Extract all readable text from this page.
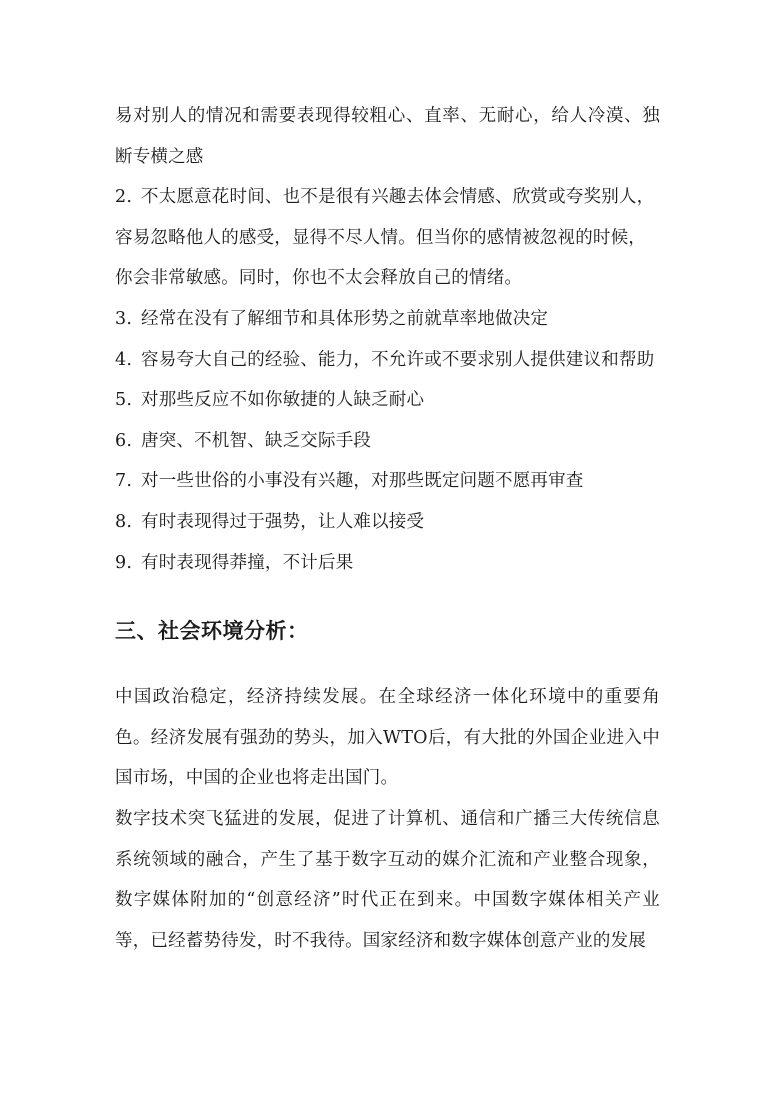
易对别人的情况和需要表现得较粗心、直率、无耐心，给人冷漠、独断专横之感

2. 不太愿意花时间、也不是很有兴趣去体会情感、欣赏或夸奖别人，容易忽略他人的感受，显得不尽人情。但当你的感情被忽视的时候，你会非常敏感。同时，你也不太会释放自己的情绪。

3. 经常在没有了解细节和具体形势之前就草率地做决定

4. 容易夸大自己的经验、能力，不允许或不要求别人提供建议和帮助

5. 对那些反应不如你敏捷的人缺乏耐心

6. 唐突、不机智、缺乏交际手段

7. 对一些世俗的小事没有兴趣，对那些既定问题不愿再审查

8. 有时表现得过于强势，让人难以接受

9. 有时表现得莽撞，不计后果

三、社会环境分析：

中国政治稳定，经济持续发展。在全球经济一体化环境中的重要角色。经济发展有强劲的势头，加入WTO后，有大批的外国企业进入中国市场，中国的企业也将走出国门。

数字技术突飞猛进的发展，促进了计算机、通信和广播三大传统信息系统领域的融合，产生了基于数字互动的媒介汇流和产业整合现象，数字媒体附加的“创意经济”时代正在到来。中国数字媒体相关产业等，已经蓄势待发，时不我待。国家经济和数字媒体创意产业的发展
